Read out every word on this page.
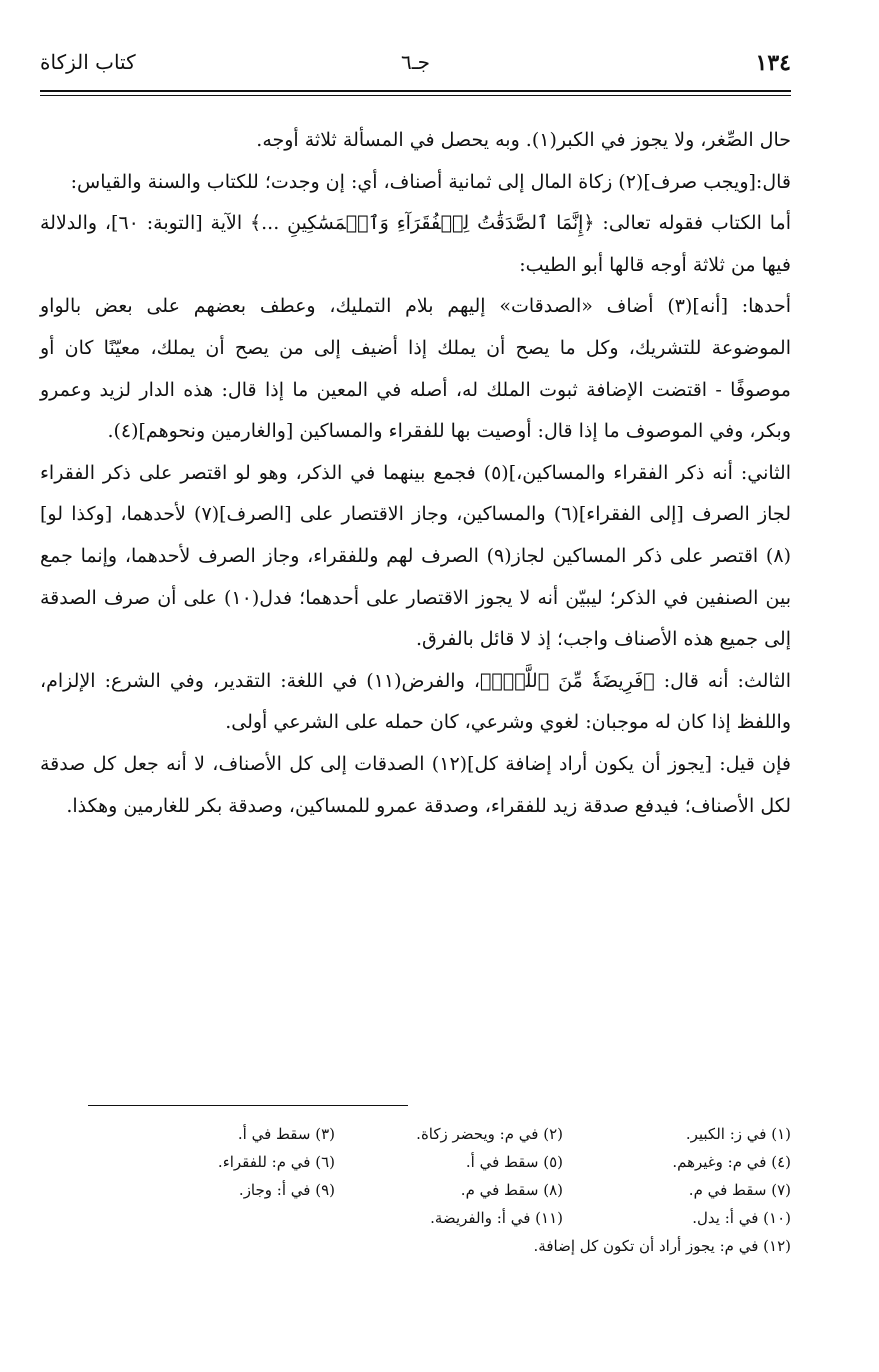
١٣٤
جـ٦
كتاب الزكاة

حال الصِّغر، ولا يجوز في الكبر(١). وبه يحصل في المسألة ثلاثة أوجه.

قال:[ويجب صرف](٢) زكاة المال إلى ثمانية أصناف، أي: إن وجدت؛ للكتاب والسنة والقياس:

أما الكتاب فقوله تعالى: ﴿إِنَّمَا ٱلصَّدَقَٰتُ لِلۡفُقَرَآءِ وَٱلۡمَسَٰكِينِ ...﴾ الآية [التوبة: ٦٠]، والدلالة فيها من ثلاثة أوجه قالها أبو الطيب:

أحدها: [أنه](٣) أضاف «الصدقات» إليهم بلام التمليك، وعطف بعضهم على بعض بالواو الموضوعة للتشريك، وكل ما يصح أن يملك إذا أضيف إلى من يصح أن يملك، معيّنًا كان أو موصوفًا - اقتضت الإضافة ثبوت الملك له، أصله في المعين ما إذا قال: هذه الدار لزيد وعمرو وبكر، وفي الموصوف ما إذا قال: أوصيت بها للفقراء والمساكين [والغارمين ونحوهم](٤).

الثاني: أنه ذكر الفقراء والمساكين،](٥) فجمع بينهما في الذكر، وهو لو اقتصر على ذكر الفقراء لجاز الصرف [إلى الفقراء](٦) والمساكين، وجاز الاقتصار على [الصرف](٧) لأحدهما، [وكذا لو](٨) اقتصر على ذكر المساكين لجاز(٩) الصرف لهم وللفقراء، وجاز الصرف لأحدهما، وإنما جمع بين الصنفين في الذكر؛ ليبيّن أنه لا يجوز الاقتصار على أحدهما؛ فدل(١٠) على أن صرف الصدقة إلى جميع هذه الأصناف واجب؛ إذ لا قائل بالفرق.

الثالث: أنه قال: ﴿فَرِيضَةٗ مِّنَ ٱللَّهِۗ﴾، والفرض(١١) في اللغة: التقدير، وفي الشرع: الإلزام، واللفظ إذا كان له موجبان: لغوي وشرعي، كان حمله على الشرعي أولى.

فإن قيل: [يجوز أن يكون أراد إضافة كل](١٢) الصدقات إلى كل الأصناف، لا أنه جعل كل صدقة لكل الأصناف؛ فيدفع صدقة زيد للفقراء، وصدقة عمرو للمساكين، وصدقة بكر للغارمين وهكذا.

(١) في ز: الكبير.(٢) في م: ويحضر زكاة.(٣) سقط في أ.
(٤) في م: وغيرهم.(٥) سقط في أ.(٦) في م: للفقراء.
(٧) سقط في م.(٨) سقط في م.(٩) في أ: وجاز.
(١٠) في أ: يدل.(١١) في أ: والفريضة.
(١٢) في م: يجوز أراد أن تكون كل إضافة.
